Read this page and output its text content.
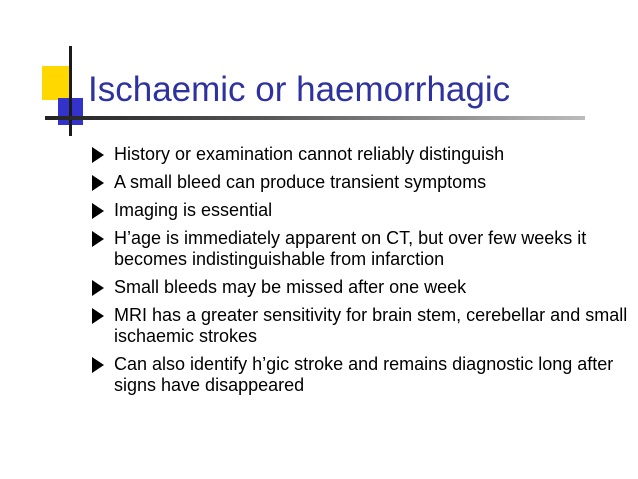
Ischaemic or haemorrhagic
History or examination cannot reliably distinguish
A small bleed can produce transient symptoms
Imaging is essential
H’age is immediately apparent on CT, but over few weeks it becomes indistinguishable from infarction
Small bleeds may be missed after one week
MRI has a greater sensitivity for brain stem, cerebellar and small ischaemic strokes
Can also identify h’gic stroke and remains diagnostic long after signs have disappeared
